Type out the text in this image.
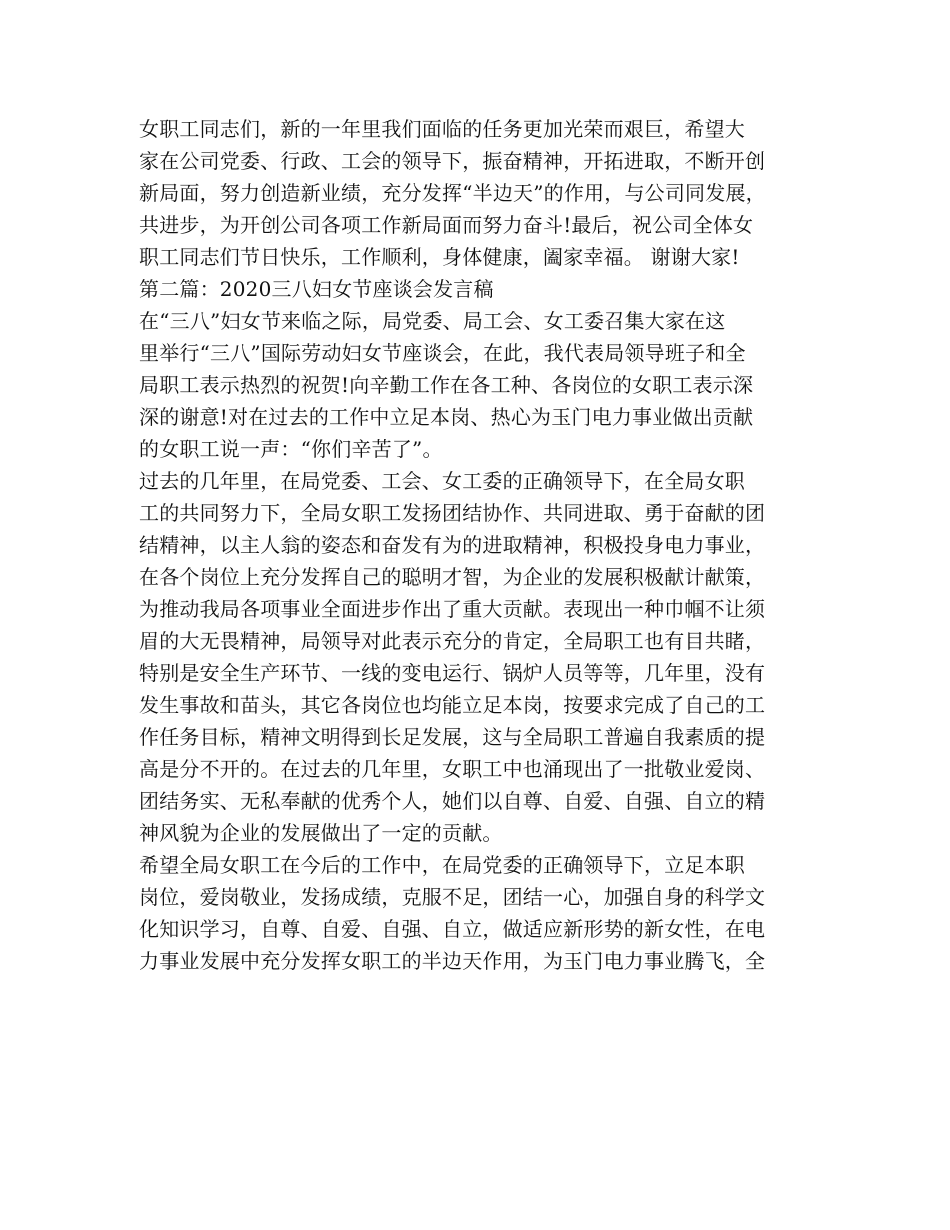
女职工同志们，新的一年里我们面临的任务更加光荣而艰巨，希望大
家在公司党委、行政、工会的领导下，振奋精神，开拓进取，不断开创
新局面，努力创造新业绩，充分发挥“半边天”的作用，与公司同发展，
共进步，为开创公司各项工作新局面而努力奋斗!最后，祝公司全体女
职工同志们节日快乐，工作顺利，身体健康，阖家幸福。 谢谢大家!
第二篇：2020三八妇女节座谈会发言稿
在“三八”妇女节来临之际，局党委、局工会、女工委召集大家在这
里举行“三八”国际劳动妇女节座谈会，在此，我代表局领导班子和全
局职工表示热烈的祝贺!向辛勤工作在各工种、各岗位的女职工表示深
深的谢意!对在过去的工作中立足本岗、热心为玉门电力事业做出贡献
的女职工说一声：“你们辛苦了”。
过去的几年里，在局党委、工会、女工委的正确领导下，在全局女职
工的共同努力下，全局女职工发扬团结协作、共同进取、勇于奋献的团
结精神，以主人翁的姿态和奋发有为的进取精神，积极投身电力事业，
在各个岗位上充分发挥自己的聪明才智，为企业的发展积极献计献策，
为推动我局各项事业全面进步作出了重大贡献。表现出一种巾帼不让须
眉的大无畏精神，局领导对此表示充分的肯定，全局职工也有目共睹，
特别是安全生产环节、一线的变电运行、锅炉人员等等，几年里，没有
发生事故和苗头，其它各岗位也均能立足本岗，按要求完成了自己的工
作任务目标，精神文明得到长足发展，这与全局职工普遍自我素质的提
高是分不开的。在过去的几年里，女职工中也涌现出了一批敬业爱岗、
团结务实、无私奉献的优秀个人，她们以自尊、自爱、自强、自立的精
神风貌为企业的发展做出了一定的贡献。
希望全局女职工在今后的工作中，在局党委的正确领导下，立足本职
岗位，爱岗敬业，发扬成绩，克服不足，团结一心，加强自身的科学文
化知识学习，自尊、自爱、自强、自立，做适应新形势的新女性，在电
力事业发展中充分发挥女职工的半边天作用，为玉门电力事业腾飞，全
